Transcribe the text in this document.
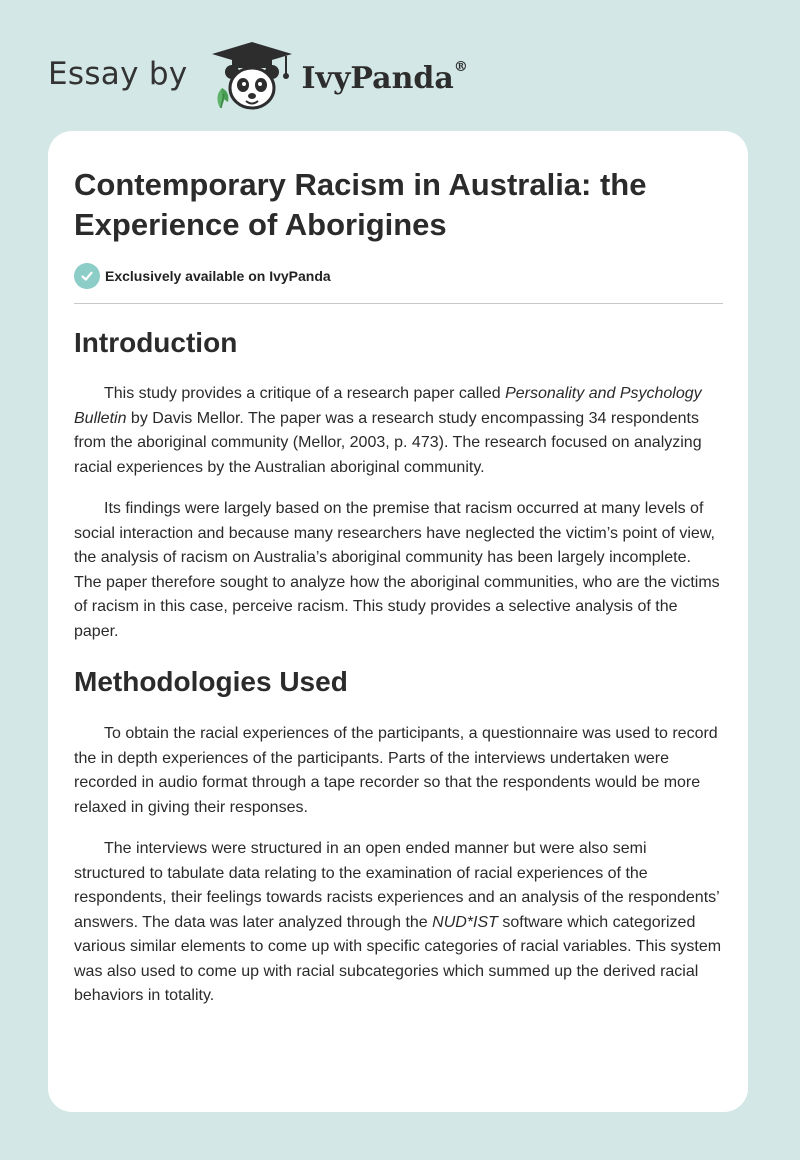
Essay by	IvyPanda®
Contemporary Racism in Australia: the Experience of Aborigines
Exclusively available on IvyPanda
Introduction

This study provides a critique of a research paper called Personality and Psychology Bulletin by Davis Mellor. The paper was a research study encompassing 34 respondents from the aboriginal community (Mellor, 2003, p. 473). The research focused on analyzing racial experiences by the Australian aboriginal community.

Its findings were largely based on the premise that racism occurred at many levels of social interaction and because many researchers have neglected the victim’s point of view, the analysis of racism on Australia’s aboriginal community has been largely incomplete. The paper therefore sought to analyze how the aboriginal communities, who are the victims of racism in this case, perceive racism. This study provides a selective analysis of the paper.

Methodologies Used

To obtain the racial experiences of the participants, a questionnaire was used to record the in depth experiences of the participants. Parts of the interviews undertaken were recorded in audio format through a tape recorder so that the respondents would be more relaxed in giving their responses.

The interviews were structured in an open ended manner but were also semi structured to tabulate data relating to the examination of racial experiences of the respondents, their feelings towards racists experiences and an analysis of the respondents’ answers. The data was later analyzed through the NUD*IST software which categorized various similar elements to come up with specific categories of racial variables. This system was also used to come up with racial subcategories which summed up the derived racial behaviors in totality.
